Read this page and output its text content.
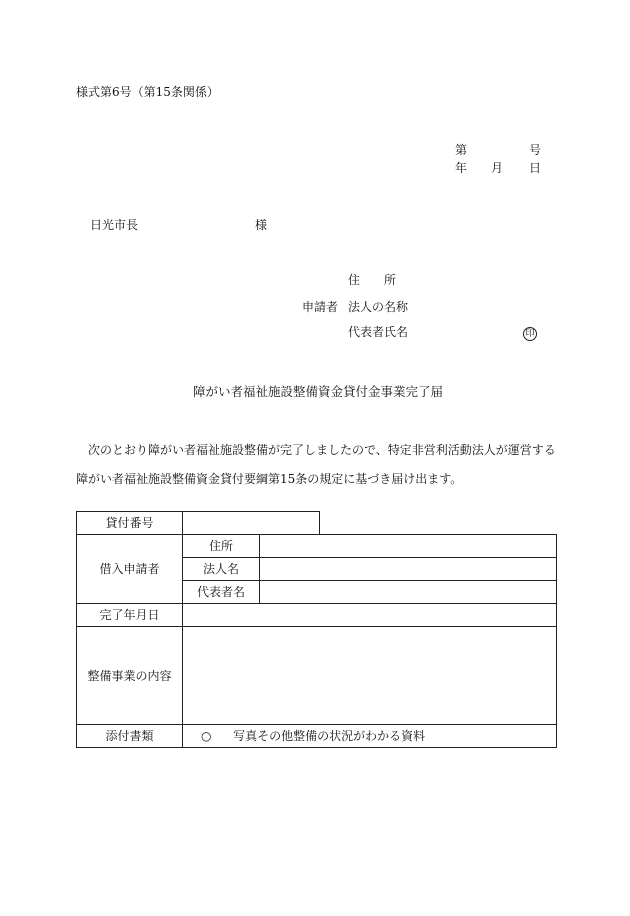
様式第6号（第15条関係）
第	号
年 月 日
日光市長	様
住　　所
申請者 法人の名称
代表者氏名	印
障がい者福祉施設整備資金貸付金事業完了届
次のとおり障がい者福祉施設整備が完了しましたので、特定非営利活動法人が運営する
障がい者福祉施設整備資金貸付要綱第15条の規定に基づき届け出ます。
貸付番号			
借入申請者	住所		
	法人名		
	代表者名		
完了年月日			
整備事業の内容			
添付書類	○ 写真その他整備の状況がわかる資料		
